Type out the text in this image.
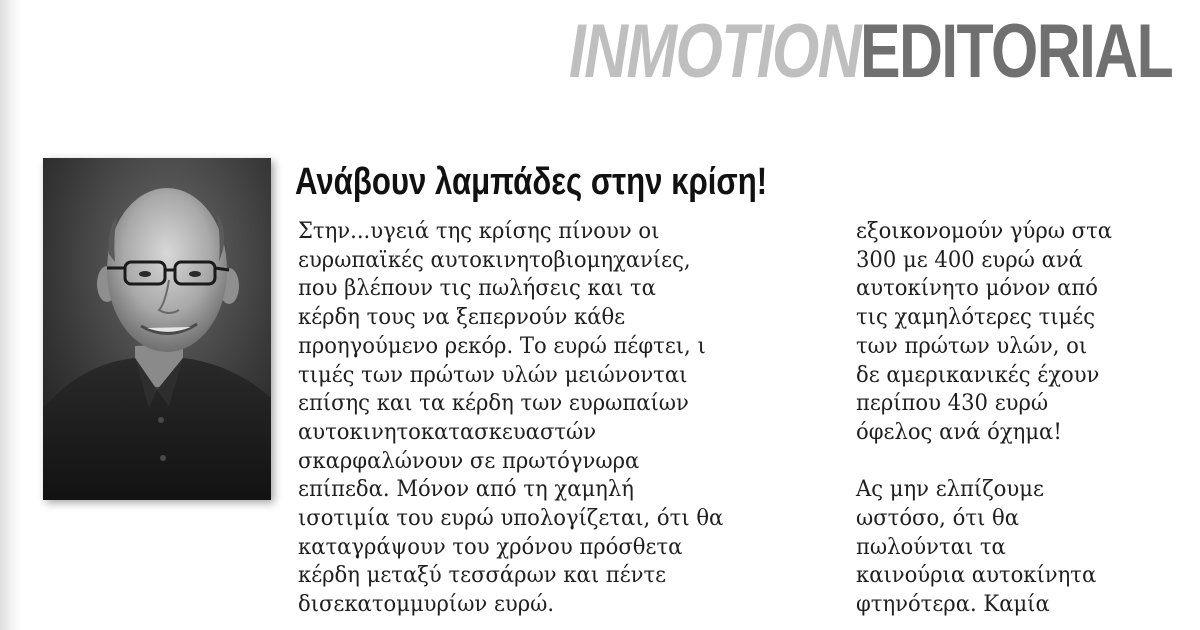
INMOTIONEDITORIAL
Ανάβουν λαμπάδες στην κρίση!
Στην...υγειά της κρίσης πίνουν οι
ευρωπαϊκές αυτοκινητοβιομηχανίες,
που βλέπουν τις πωλήσεις και τα
κέρδη τους να ξεπερνούν κάθε
προηγούμενο ρεκόρ. Το ευρώ πέφτει, ι
τιμές των πρώτων υλών μειώνονται
επίσης και τα κέρδη των ευρωπαίων
αυτοκινητοκατασκευαστών
σκαρφαλώνουν σε πρωτόγνωρα
επίπεδα. Μόνον από τη χαμηλή
ισοτιμία του ευρώ υπολογίζεται, ότι θα
καταγράψουν του χρόνου πρόσθετα
κέρδη μεταξύ τεσσάρων και πέντε
δισεκατομμυρίων ευρώ.
εξοικονομούν γύρω στα
300 με 400 ευρώ ανά
αυτοκίνητο μόνον από
τις χαμηλότερες τιμές
των πρώτων υλών, οι
δε αμερικανικές έχουν
περίπου 430 ευρώ
όφελος ανά όχημα!
Ας μην ελπίζουμε
ωστόσο, ότι θα
πωλούνται τα
καινούρια αυτοκίνητα
φτηνότερα. Καμία
